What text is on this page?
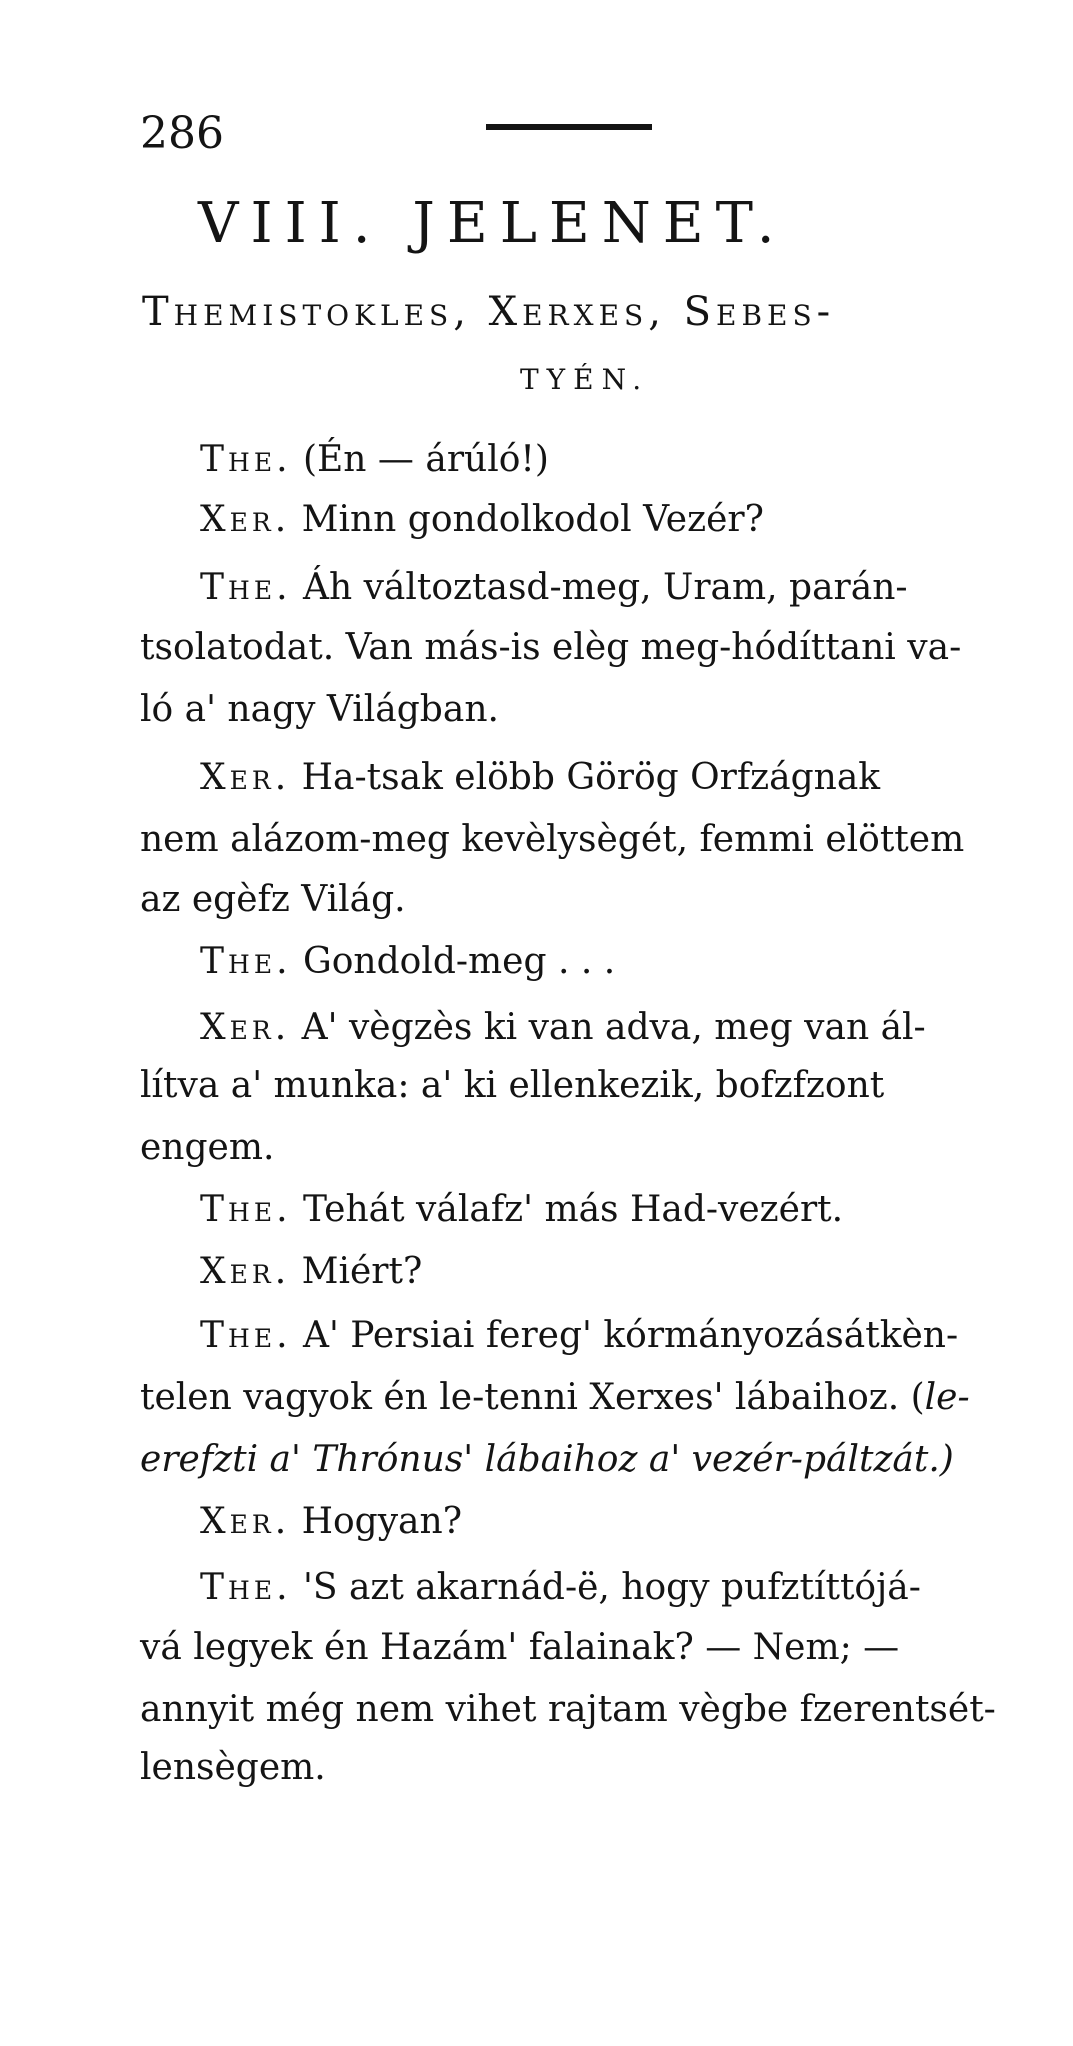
286
VIII. JELENET.
Themistokles, Xerxes, Sebes-
TYÉN.
The. (Én — árúló!)
Xer. Minn gondolkodol Vezér?
The. Áh változtasd-meg, Uram, parán-
tsolatodat. Van más-is elèg meg-hódíttani va-
ló a' nagy Világban.
Xer. Ha-tsak elöbb Görög Orfzágnak
nem alázom-meg kevèlysègét, femmi elöttem
az egèfz Világ.
The. Gondold-meg . . .
Xer. A' vègzès ki van adva, meg van ál-
lítva a' munka: a' ki ellenkezik, bofzfzont
engem.
The. Tehát válafz' más Had-vezért.
Xer. Miért?
The. A' Persiai fereg' kórmányozásátkèn-
telen vagyok én le-tenni Xerxes' lábaihoz. (le-
erefzti a' Thrónus' lábaihoz a' vezér-páltzát.)
Xer. Hogyan?
The. 'S azt akarnád-ë, hogy pufztíttójá-
vá legyek én Hazám' falainak? — Nem; —
annyit még nem vihet rajtam vègbe fzerentsét-
lensègem.
